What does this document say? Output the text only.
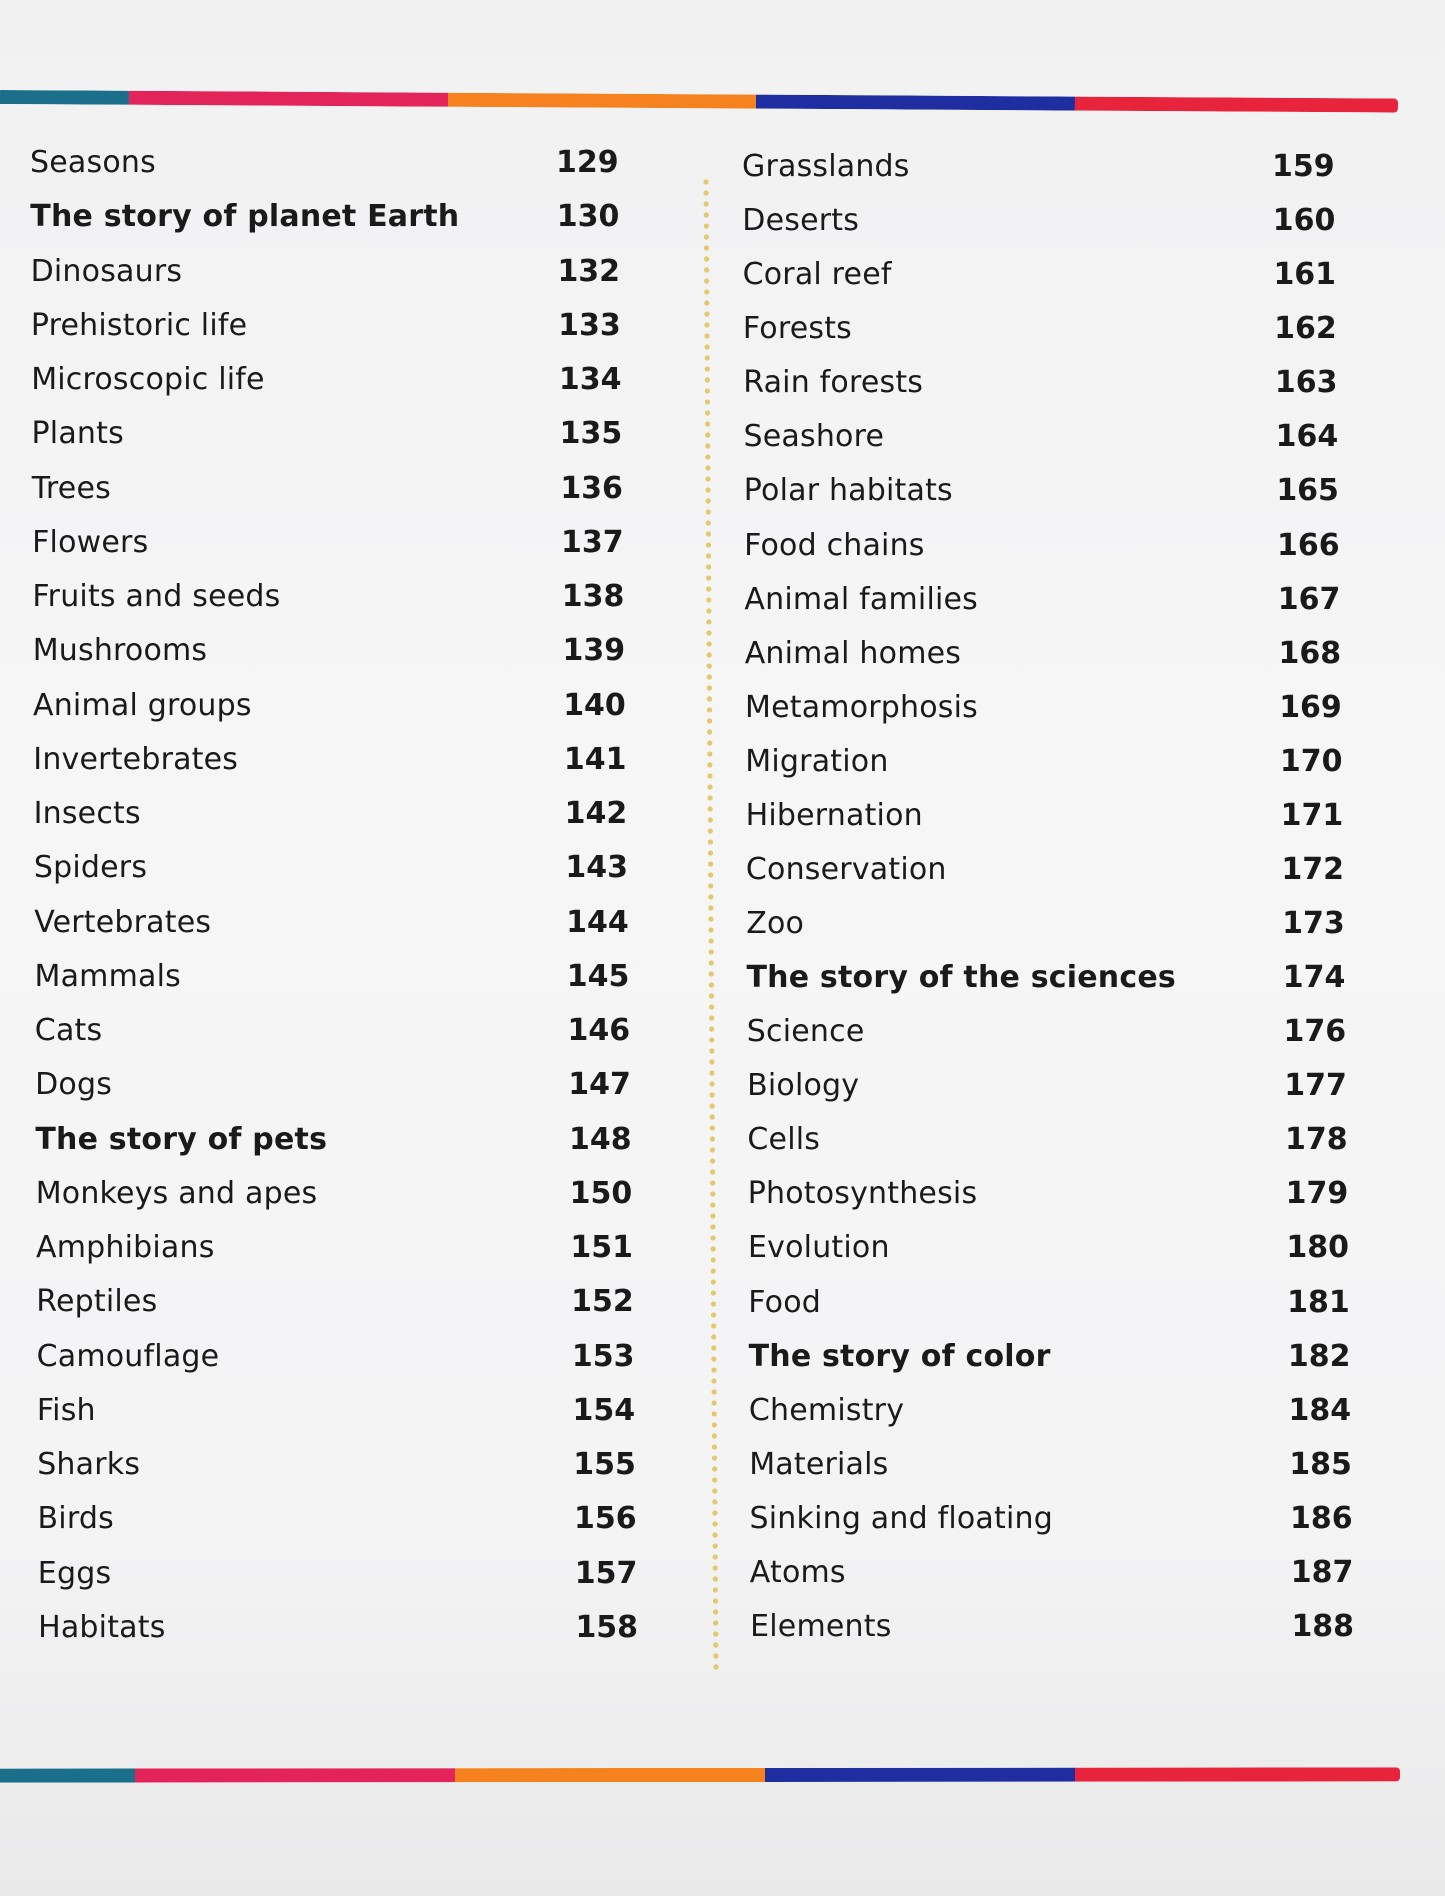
Seasons	129
The story of planet Earth	130
Dinosaurs	132
Prehistoric life	133
Microscopic life	134
Plants	135
Trees	136
Flowers	137
Fruits and seeds	138
Mushrooms	139
Animal groups	140
Invertebrates	141
Insects	142
Spiders	143
Vertebrates	144
Mammals	145
Cats	146
Dogs	147
The story of pets	148
Monkeys and apes	150
Amphibians	151
Reptiles	152
Camouflage	153
Fish	154
Sharks	155
Birds	156
Eggs	157
Habitats	158
Grasslands	159
Deserts	160
Coral reef	161
Forests	162
Rain forests	163
Seashore	164
Polar habitats	165
Food chains	166
Animal families	167
Animal homes	168
Metamorphosis	169
Migration	170
Hibernation	171
Conservation	172
Zoo	173
The story of the sciences	174
Science	176
Biology	177
Cells	178
Photosynthesis	179
Evolution	180
Food	181
The story of color	182
Chemistry	184
Materials	185
Sinking and floating	186
Atoms	187
Elements	188
